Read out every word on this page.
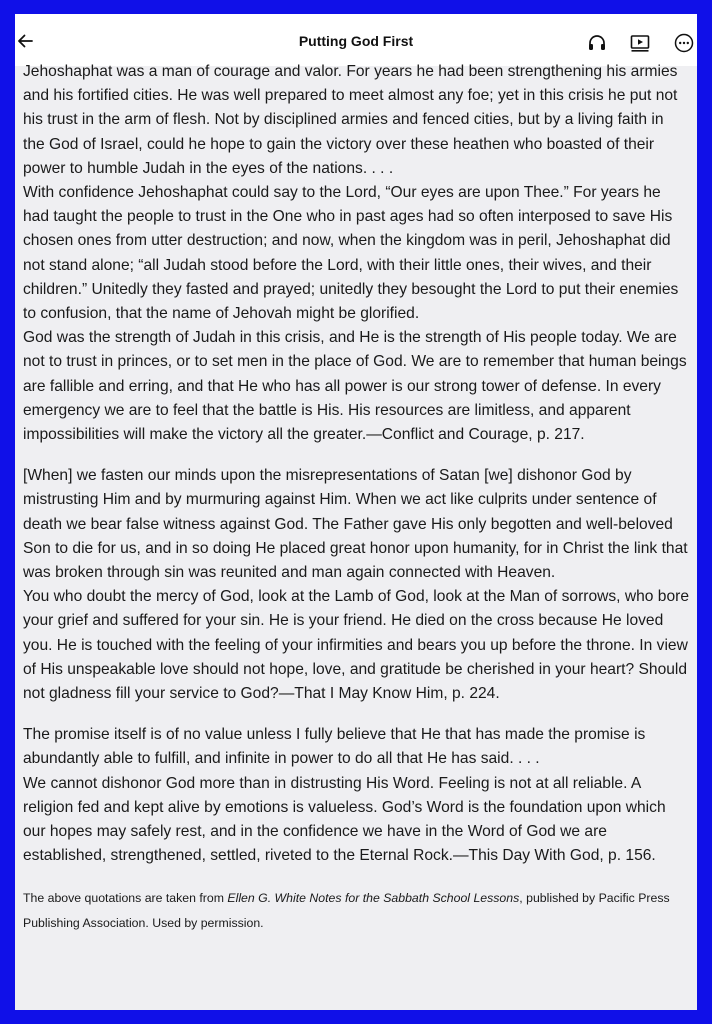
Putting God First

Jehoshaphat was a man of courage and valor. For years he had been strengthening his armies and his fortified cities. He was well prepared to meet almost any foe; yet in this crisis he put not his trust in the arm of flesh. Not by disciplined armies and fenced cities, but by a living faith in the God of Israel, could he hope to gain the victory over these heathen who boasted of their power to humble Judah in the eyes of the nations. . . .

With confidence Jehoshaphat could say to the Lord, “Our eyes are upon Thee.” For years he had taught the people to trust in the One who in past ages had so often interposed to save His chosen ones from utter destruction; and now, when the kingdom was in peril, Jehoshaphat did not stand alone; “all Judah stood before the Lord, with their little ones, their wives, and their children.” Unitedly they fasted and prayed; unitedly they besought the Lord to put their enemies to confusion, that the name of Jehovah might be glorified.

God was the strength of Judah in this crisis, and He is the strength of His people today. We are not to trust in princes, or to set men in the place of God. We are to remember that human beings are fallible and erring, and that He who has all power is our strong tower of defense. In every emergency we are to feel that the battle is His. His resources are limitless, and apparent impossibilities will make the victory all the greater.—Conflict and Courage, p. 217.

[When] we fasten our minds upon the misrepresentations of Satan [we] dishonor God by mistrusting Him and by murmuring against Him. When we act like culprits under sentence of death we bear false witness against God. The Father gave His only begotten and well-beloved Son to die for us, and in so doing He placed great honor upon humanity, for in Christ the link that was broken through sin was reunited and man again connected with Heaven.

You who doubt the mercy of God, look at the Lamb of God, look at the Man of sorrows, who bore your grief and suffered for your sin. He is your friend. He died on the cross because He loved you. He is touched with the feeling of your infirmities and bears you up before the throne. In view of His unspeakable love should not hope, love, and gratitude be cherished in your heart? Should not gladness fill your service to God?—That I May Know Him, p. 224.

The promise itself is of no value unless I fully believe that He that has made the promise is abundantly able to fulfill, and infinite in power to do all that He has said. . . .

We cannot dishonor God more than in distrusting His Word. Feeling is not at all reliable. A religion fed and kept alive by emotions is valueless. God’s Word is the foundation upon which our hopes may safely rest, and in the confidence we have in the Word of God we are established, strengthened, settled, riveted to the Eternal Rock.—This Day With God, p. 156.

The above quotations are taken from Ellen G. White Notes for the Sabbath School Lessons, published by Pacific Press Publishing Association. Used by permission.
